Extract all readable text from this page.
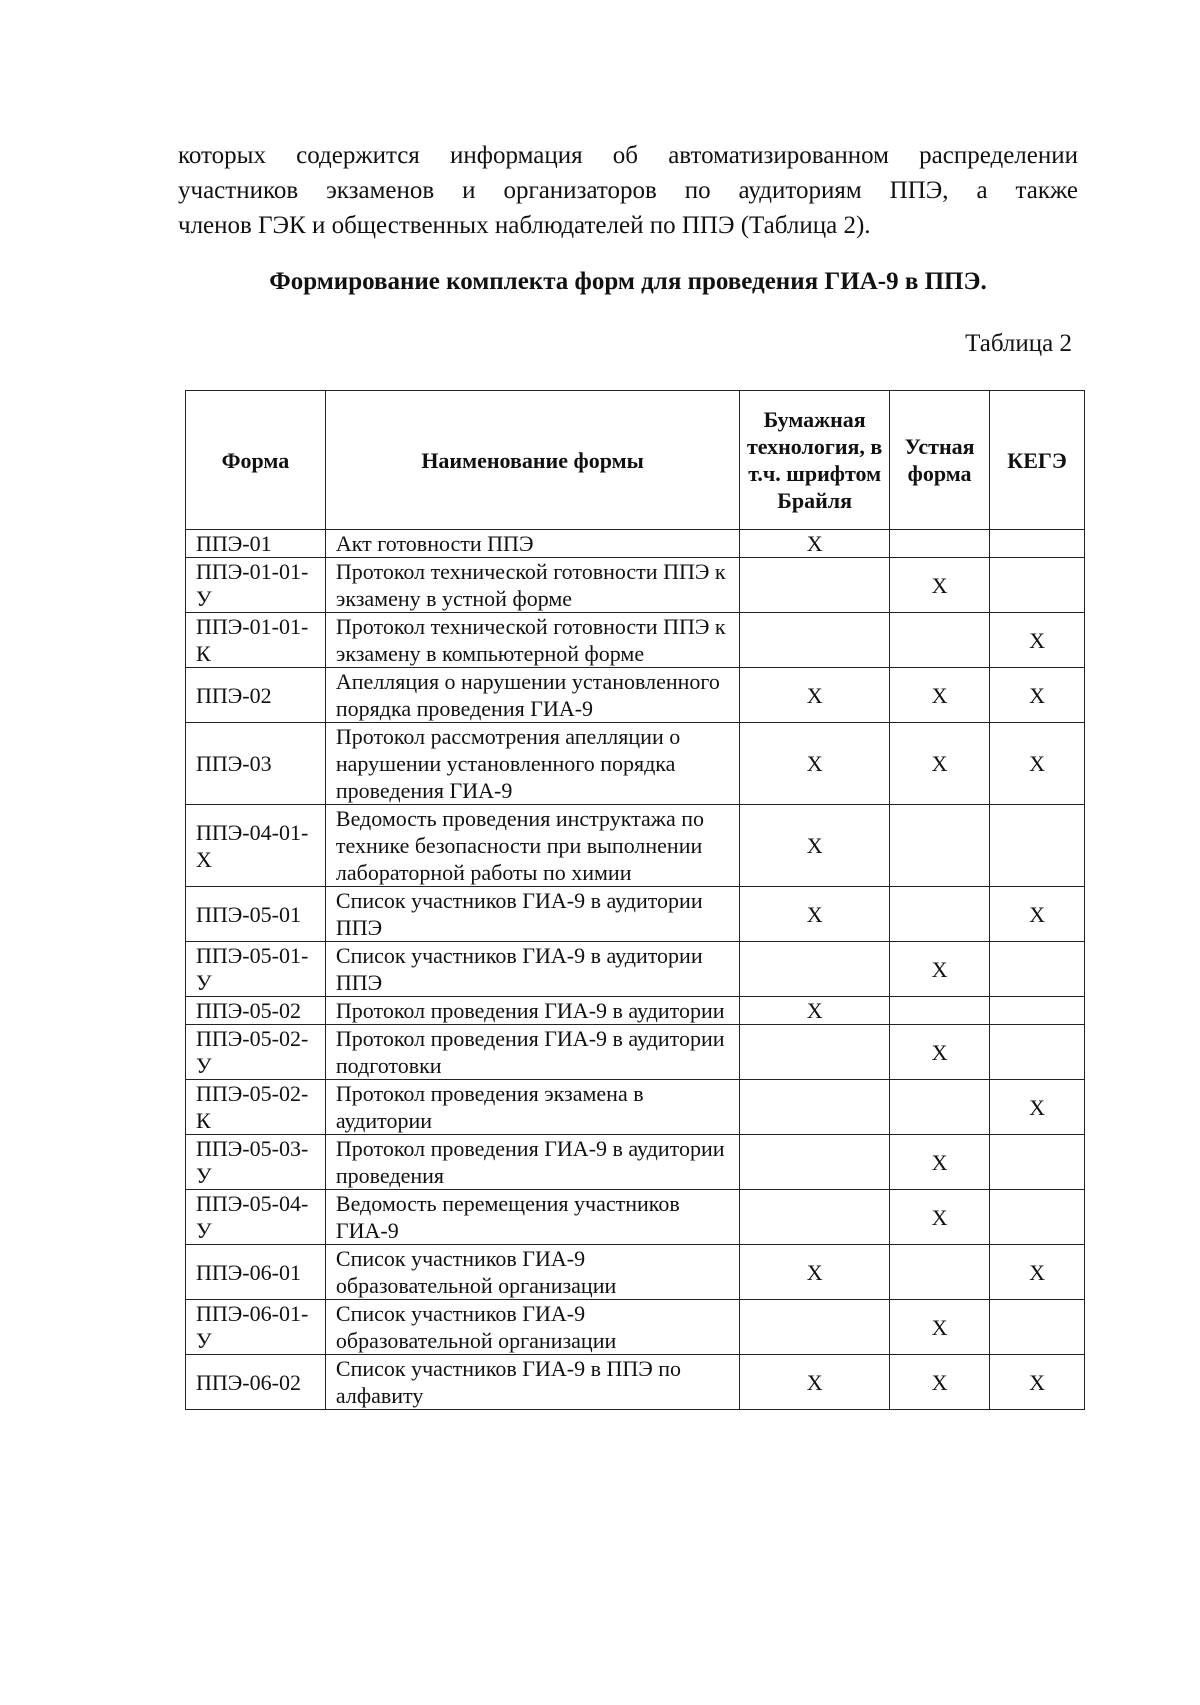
которых содержится информация об автоматизированном распределении
участников экзаменов и организаторов по аудиториям ППЭ, а также
членов ГЭК и общественных наблюдателей по ППЭ (Таблица 2).
Формирование комплекта форм для проведения ГИА-9 в ППЭ.
Таблица 2
Форма	Наименование формы	Бумажная технология, в т.ч. шрифтом Брайля	Устная форма	КЕГЭ
ППЭ-01	Акт готовности ППЭ	Х		
ППЭ-01-01-У	Протокол технической готовности ППЭ к экзамену в устной форме		Х	
ППЭ-01-01-К	Протокол технической готовности ППЭ к экзамену в компьютерной форме			Х
ППЭ-02	Апелляция о нарушении установленного порядка проведения ГИА-9	Х	Х	Х
ППЭ-03	Протокол рассмотрения апелляции о нарушении установленного порядка проведения ГИА-9	Х	Х	Х
ППЭ-04-01-Х	Ведомость проведения инструктажа по технике безопасности при выполнении лабораторной работы по химии	Х		
ППЭ-05-01	Список участников ГИА-9 в аудитории ППЭ	Х		Х
ППЭ-05-01-У	Список участников ГИА-9 в аудитории ППЭ		Х	
ППЭ-05-02	Протокол проведения ГИА-9 в аудитории	Х		
ППЭ-05-02-У	Протокол проведения ГИА-9 в аудитории подготовки		Х	
ППЭ-05-02-К	Протокол проведения экзамена в аудитории			Х
ППЭ-05-03-У	Протокол проведения ГИА-9 в аудитории проведения		Х	
ППЭ-05-04-У	Ведомость перемещения участников ГИА-9		Х	
ППЭ-06-01	Список участников ГИА-9 образовательной организации	Х		Х
ППЭ-06-01-У	Список участников ГИА-9 образовательной организации		Х	
ППЭ-06-02	Список участников ГИА-9 в ППЭ по алфавиту	Х	Х	Х
